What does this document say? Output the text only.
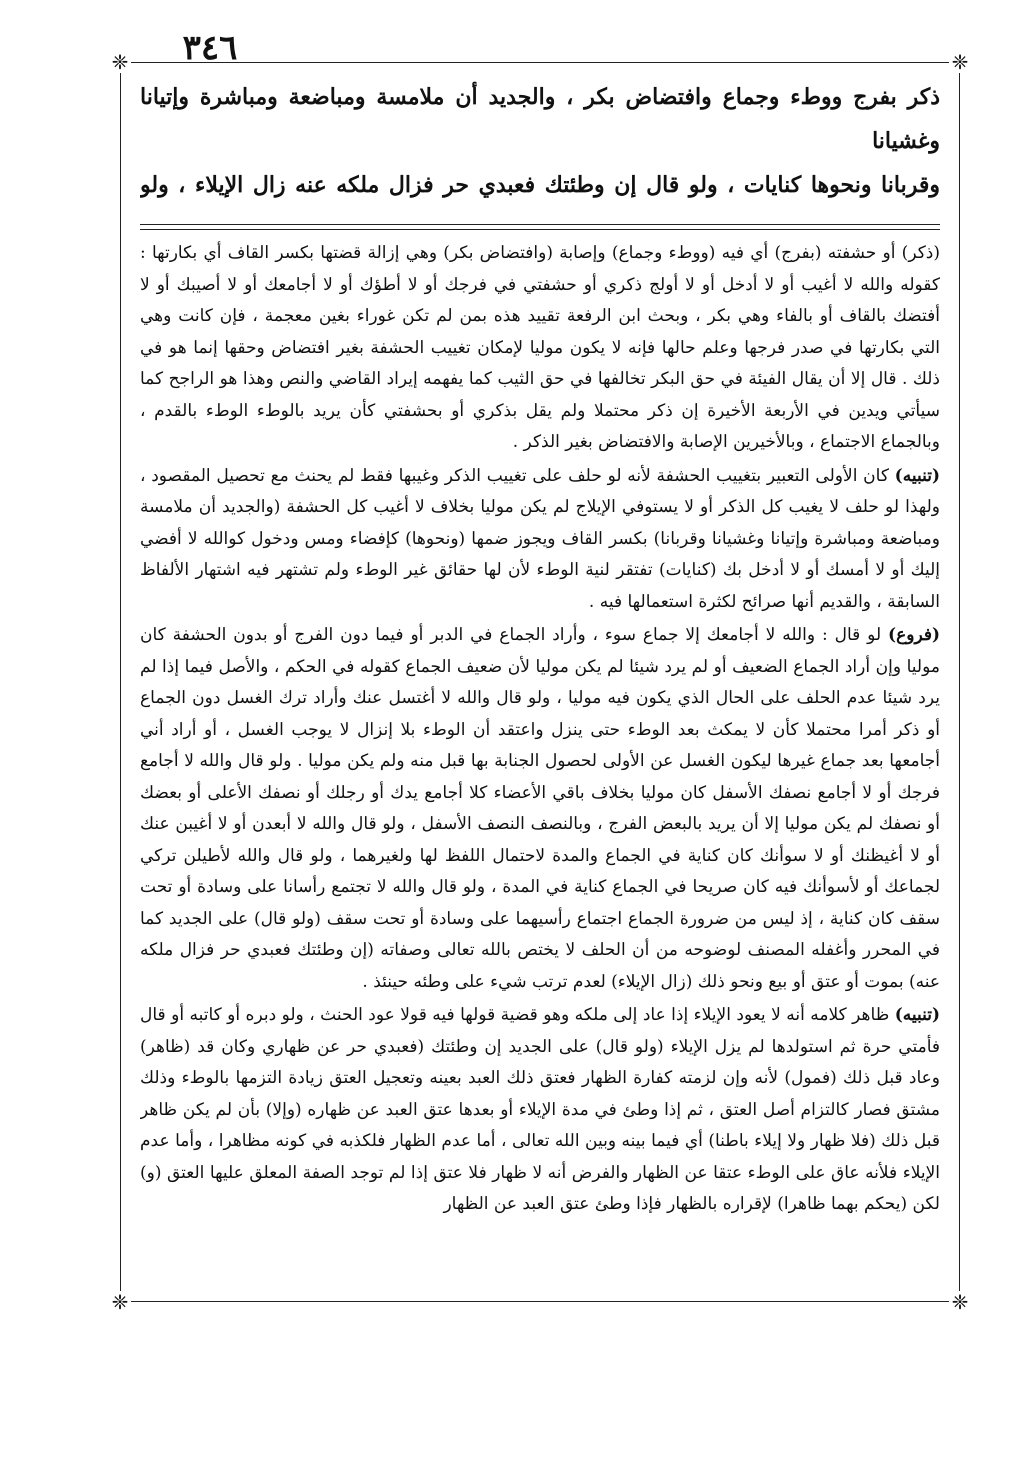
٣٤٦
❈	❈
❈	❈

ذكر بفرج ووطء وجماع وافتضاض بكر ، والجديد أن ملامسة ومباضعة ومباشرة وإتيانا وغشيانا

وقربانا ونحوها كنايات ، ولو قال إن وطئتك فعبدي حر فزال ملكه عنه زال الإيلاء ، ولو

(ذكر) أو حشفته (بفرج) أي فيه (ووطء وجماع) وإصابة (وافتضاض بكر) وهي إزالة قضتها بكسر القاف أي بكارتها : كقوله والله لا أغيب أو لا أدخل أو لا أولج ذكري أو حشفتي في فرجك أو لا أطؤك أو لا أجامعك أو لا أصيبك أو لا أفتضك بالقاف أو بالفاء وهي بكر ، وبحث ابن الرفعة تقييد هذه بمن لم تكن غوراء بغين معجمة ، فإن كانت وهي التي بكارتها في صدر فرجها وعلم حالها فإنه لا يكون موليا لإمكان تغييب الحشفة بغير افتضاض وحقها إنما هو في ذلك . قال إلا أن يقال الفيئة في حق البكر تخالفها في حق الثيب كما يفهمه إيراد القاضي والنص وهذا هو الراجح كما سيأتي ويدين في الأربعة الأخيرة إن ذكر محتملا ولم يقل بذكري أو بحشفتي كأن يريد بالوطء الوطء بالقدم ، وبالجماع الاجتماع ، وبالأخيرين الإصابة والافتضاض بغير الذكر .

(تنبيه) كان الأولى التعبير بتغييب الحشفة لأنه لو حلف على تغييب الذكر وغيبها فقط لم يحنث مع تحصيل المقصود ، ولهذا لو حلف لا يغيب كل الذكر أو لا يستوفي الإيلاج لم يكن موليا بخلاف لا أغيب كل الحشفة (والجديد أن ملامسة ومباضعة ومباشرة وإتيانا وغشيانا وقربانا) بكسر القاف ويجوز ضمها (ونحوها) كإفضاء ومس ودخول كوالله لا أفضي إليك أو لا أمسك أو لا أدخل بك (كنايات) تفتقر لنية الوطء لأن لها حقائق غير الوطء ولم تشتهر فيه اشتهار الألفاظ السابقة ، والقديم أنها صرائح لكثرة استعمالها فيه .

(فروع) لو قال : والله لا أجامعك إلا جماع سوء ، وأراد الجماع في الدبر أو فيما دون الفرج أو بدون الحشفة كان موليا وإن أراد الجماع الضعيف أو لم يرد شيئا لم يكن موليا لأن ضعيف الجماع كقوله في الحكم ، والأصل فيما إذا لم يرد شيئا عدم الحلف على الحال الذي يكون فيه موليا ، ولو قال والله لا أغتسل عنك وأراد ترك الغسل دون الجماع أو ذكر أمرا محتملا كأن لا يمكث بعد الوطء حتى ينزل واعتقد أن الوطء بلا إنزال لا يوجب الغسل ، أو أراد أني أجامعها بعد جماع غيرها ليكون الغسل عن الأولى لحصول الجنابة بها قبل منه ولم يكن موليا . ولو قال والله لا أجامع فرجك أو لا أجامع نصفك الأسفل كان موليا بخلاف باقي الأعضاء كلا أجامع يدك أو رجلك أو نصفك الأعلى أو بعضك أو نصفك لم يكن موليا إلا أن يريد بالبعض الفرج ، وبالنصف النصف الأسفل ، ولو قال والله لا أبعدن أو لا أغيبن عنك أو لا أغيظنك أو لا سوأنك كان كناية في الجماع والمدة لاحتمال اللفظ لها ولغيرهما ، ولو قال والله لأطيلن تركي لجماعك أو لأسوأنك فيه كان صريحا في الجماع كناية في المدة ، ولو قال والله لا تجتمع رأسانا على وسادة أو تحت سقف كان كناية ، إذ ليس من ضرورة الجماع اجتماع رأسيهما على وسادة أو تحت سقف (ولو قال) على الجديد كما في المحرر وأغفله المصنف لوضوحه من أن الحلف لا يختص بالله تعالى وصفاته (إن وطئتك فعبدي حر فزال ملكه عنه) بموت أو عتق أو بيع ونحو ذلك (زال الإيلاء) لعدم ترتب شيء على وطئه حينئذ .

(تنبيه) ظاهر كلامه أنه لا يعود الإيلاء إذا عاد إلى ملكه وهو قضية قولها فيه قولا عود الحنث ، ولو دبره أو كاتبه أو قال فأمتي حرة ثم استولدها لم يزل الإيلاء (ولو قال) على الجديد إن وطئتك (فعبدي حر عن ظهاري وكان قد (ظاهر) وعاد قبل ذلك (فمول) لأنه وإن لزمته كفارة الظهار فعتق ذلك العبد بعينه وتعجيل العتق زيادة التزمها بالوطء وذلك مشتق فصار كالتزام أصل العتق ، ثم إذا وطئ في مدة الإيلاء أو بعدها عتق العبد عن ظهاره (وإلا) بأن لم يكن ظاهر قبل ذلك (فلا ظهار ولا إيلاء باطنا) أي فيما بينه وبين الله تعالى ، أما عدم الظهار فلكذبه في كونه مظاهرا ، وأما عدم الإيلاء فلأنه عاق على الوطء عتقا عن الظهار والفرض أنه لا ظهار فلا عتق إذا لم توجد الصفة المعلق عليها العتق (و) لكن (يحكم بهما ظاهرا) لإقراره بالظهار فإذا وطئ عتق العبد عن الظهار
